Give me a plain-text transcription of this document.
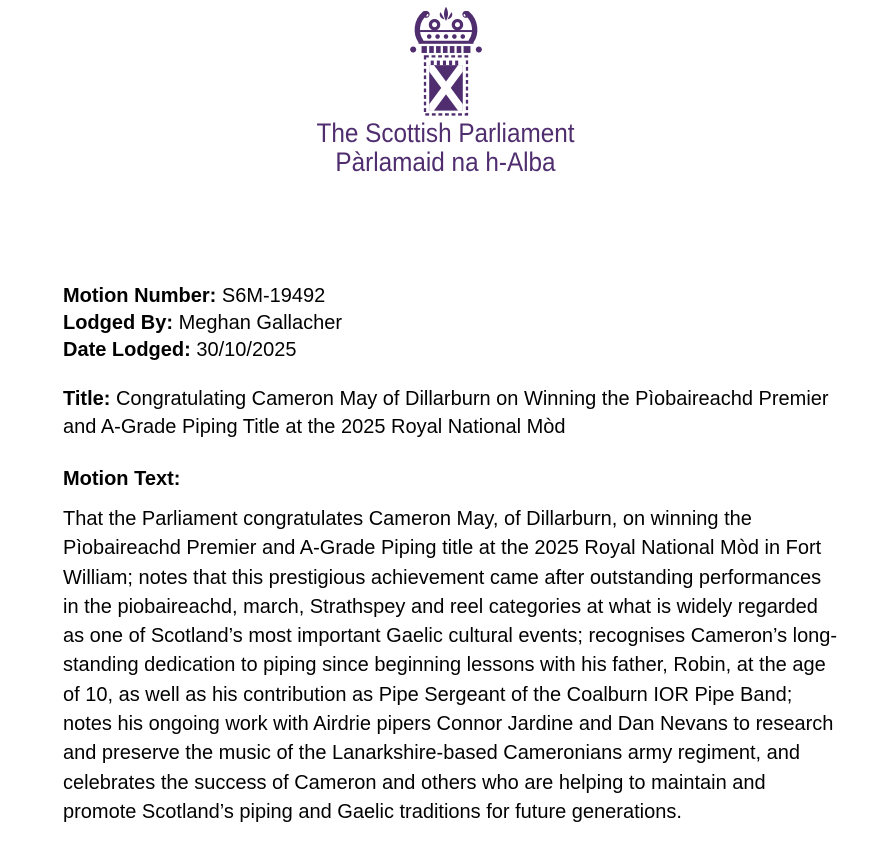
The Scottish Parliament
Pàrlamaid na h-Alba

Motion Number: S6M-19492

Lodged By: Meghan Gallacher

Date Lodged: 30/10/2025

Title: Congratulating Cameron May of Dillarburn on Winning the Pìobaireachd Premier and A-Grade Piping Title at the 2025 Royal National Mòd

Motion Text:

That the Parliament congratulates Cameron May, of Dillarburn, on winning the Pìobaireachd Premier and A-Grade Piping title at the 2025 Royal National Mòd in Fort William; notes that this prestigious achievement came after outstanding performances in the piobaireachd, march, Strathspey and reel categories at what is widely regarded as one of Scotland’s most important Gaelic cultural events; recognises Cameron’s long-standing dedication to piping since beginning lessons with his father, Robin, at the age of 10, as well as his contribution as Pipe Sergeant of the Coalburn IOR Pipe Band; notes his ongoing work with Airdrie pipers Connor Jardine and Dan Nevans to research and preserve the music of the Lanarkshire-based Cameronians army regiment, and celebrates the success of Cameron and others who are helping to maintain and promote Scotland’s piping and Gaelic traditions for future generations.
